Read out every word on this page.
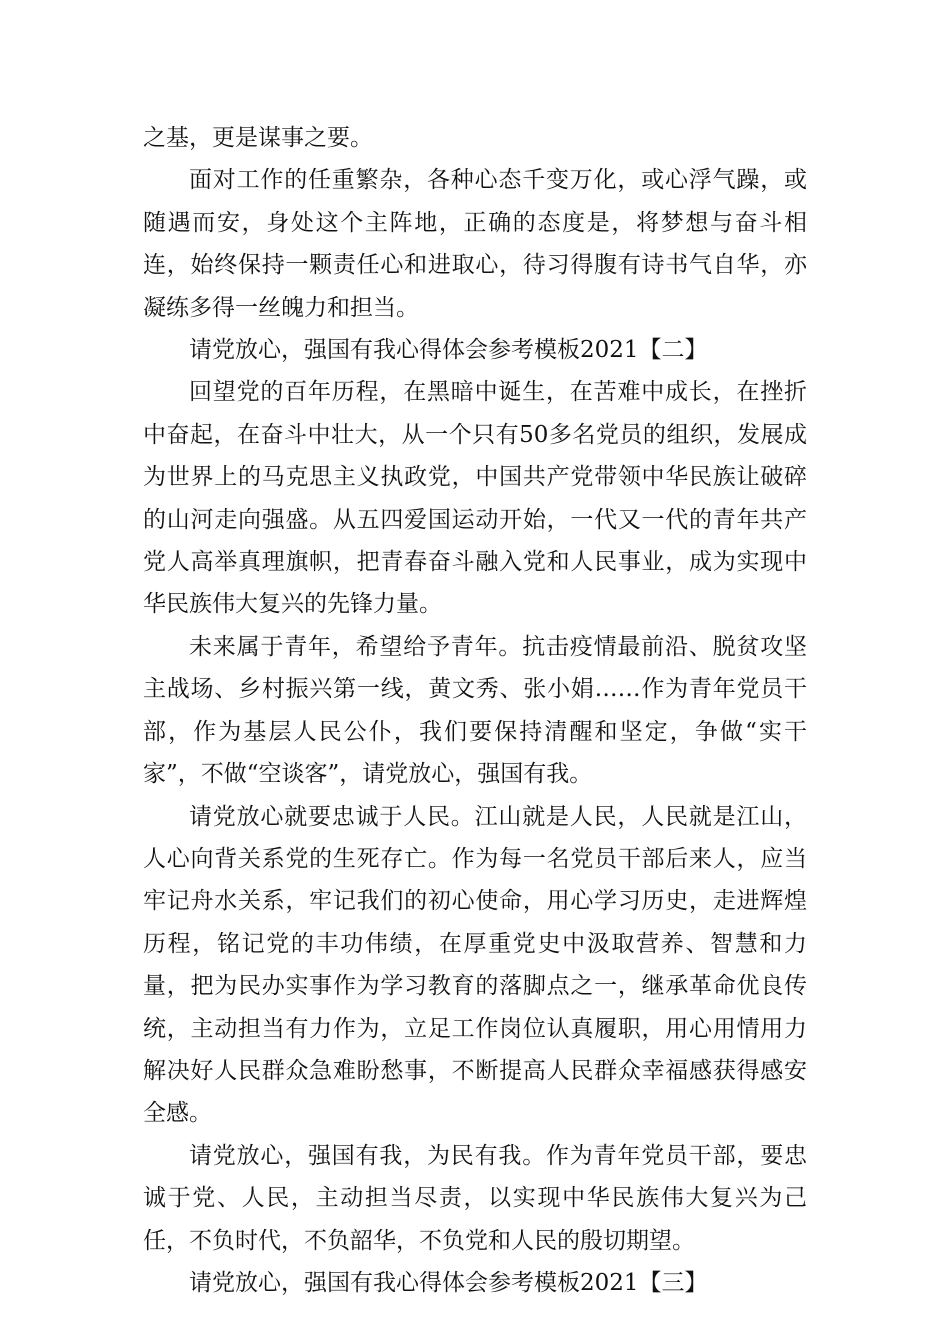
之基，更是谋事之要。

面对工作的任重繁杂，各种心态千变万化，或心浮气躁，或随遇而安，身处这个主阵地，正确的态度是，将梦想与奋斗相连，始终保持一颗责任心和进取心，待习得腹有诗书气自华，亦凝练多得一丝魄力和担当。

请党放心，强国有我心得体会参考模板2021【二】

回望党的百年历程，在黑暗中诞生，在苦难中成长，在挫折中奋起，在奋斗中壮大，从一个只有50多名党员的组织，发展成为世界上的马克思主义执政党，中国共产党带领中华民族让破碎的山河走向强盛。从五四爱国运动开始，一代又一代的青年共产党人高举真理旗帜，把青春奋斗融入党和人民事业，成为实现中华民族伟大复兴的先锋力量。

未来属于青年，希望给予青年。抗击疫情最前沿、脱贫攻坚主战场、乡村振兴第一线，黄文秀、张小娟……作为青年党员干部，作为基层人民公仆，我们要保持清醒和坚定，争做“实干家”，不做“空谈客”，请党放心，强国有我。

请党放心就要忠诚于人民。江山就是人民，人民就是江山，人心向背关系党的生死存亡。作为每一名党员干部后来人，应当牢记舟水关系，牢记我们的初心使命，用心学习历史，走进辉煌历程，铭记党的丰功伟绩，在厚重党史中汲取营养、智慧和力量，把为民办实事作为学习教育的落脚点之一，继承革命优良传统，主动担当有力作为，立足工作岗位认真履职，用心用情用力解决好人民群众急难盼愁事，不断提高人民群众幸福感获得感安全感。

请党放心，强国有我，为民有我。作为青年党员干部，要忠诚于党、人民，主动担当尽责，以实现中华民族伟大复兴为己任，不负时代，不负韶华，不负党和人民的殷切期望。

请党放心，强国有我心得体会参考模板2021【三】
